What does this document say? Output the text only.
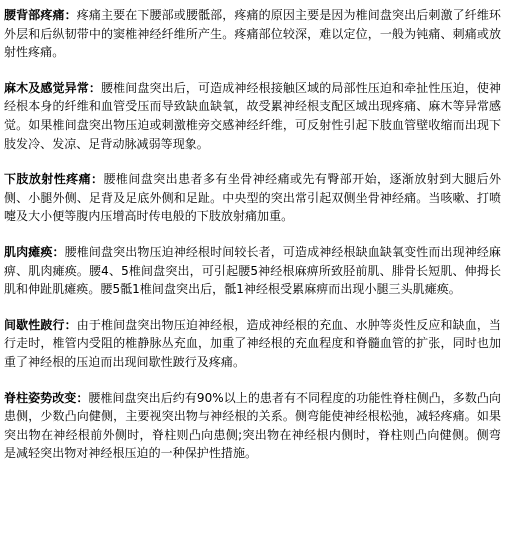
腰背部疼痛：疼痛主要在下腰部或腰骶部，疼痛的原因主要是因为椎间盘突出后刺激了纤维环外层和后纵韧带中的窦椎神经纤维所产生。疼痛部位较深，难以定位，一般为钝痛、刺痛或放射性疼痛。

麻木及感觉异常：腰椎间盘突出后，可造成神经根接触区域的局部性压迫和牵扯性压迫，使神经根本身的纤维和血管受压而导致缺血缺氧，故受累神经根支配区域出现疼痛、麻木等异常感觉。如果椎间盘突出物压迫或刺激椎旁交感神经纤维，可反射性引起下肢血管壁收缩而出现下肢发冷、发凉、足背动脉减弱等现象。

下肢放射性疼痛：腰椎间盘突出患者多有坐骨神经痛或先有臀部开始，逐渐放射到大腿后外侧、小腿外侧、足背及足底外侧和足趾。中央型的突出常引起双侧坐骨神经痛。当咳嗽、打喷嚏及大小便等腹内压增高时传电般的下肢放射痛加重。

肌肉瘫痪：腰椎间盘突出物压迫神经根时间较长者，可造成神经根缺血缺氧变性而出现神经麻痹、肌肉瘫痪。腰4、5椎间盘突出，可引起腰5神经根麻痹所致胫前肌、腓骨长短肌、伸拇长肌和伸趾肌瘫痪。腰5骶1椎间盘突出后，骶1神经根受累麻痹而出现小腿三头肌瘫痪。

间歇性跛行：由于椎间盘突出物压迫神经根，造成神经根的充血、水肿等炎性反应和缺血，当行走时，椎管内受阻的椎静脉丛充血，加重了神经根的充血程度和脊髓血管的扩张，同时也加重了神经根的压迫而出现间歇性跛行及疼痛。

脊柱姿势改变：腰椎间盘突出后约有90%以上的患者有不同程度的功能性脊柱侧凸，多数凸向患侧，少数凸向健侧，主要视突出物与神经根的关系。侧弯能使神经根松弛，减轻疼痛。如果突出物在神经根前外侧时，脊柱则凸向患侧;突出物在神经根内侧时，脊柱则凸向健侧。侧弯是减轻突出物对神经根压迫的一种保护性措施。
